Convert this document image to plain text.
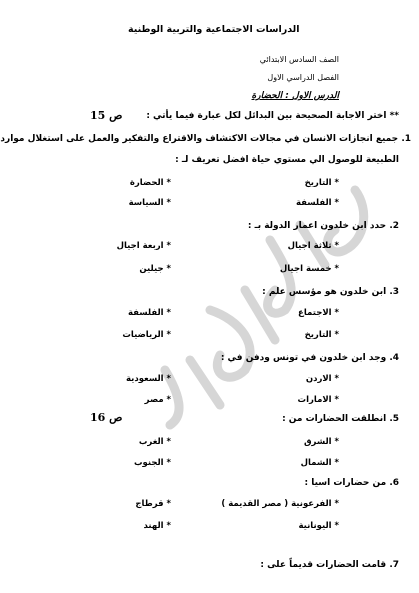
الدراسات الاجتماعية والتربية الوطنية
الصف السادس الابتدائي
الفصل الدراسي الاول
الدرس الاول : الحضارة
** اختر الاجابة الصحيحة بين البدائل لكل عبارة فيما يأتي :
ص 15
1. جميع انجازات الانسان في مجالات الاكتشاف والاقتراع والتفكير والعمل على استغلال موارد
الطبيعة للوصول الي مستوي حياة افضل تعريف لـ :
* التاريخ
* الحضارة
* الفلسفة
* السياسة
2. حدد ابن خلدون اعمار الدولة بـ :
* ثلاثة اجيال
* اربعة اجيال
* خمسة اجيال
* جيلين
3. ابن خلدون هو مؤسس علم :
* الاجتماع
* الفلسفة
* التاريخ
* الرياضيات
4. وجد ابن خلدون في تونس ودفن في :
* الاردن
* السعودية
* الامارات
* مصر
5. انطلقت الحضارات من :
ص 16
* الشرق
* الغرب
* الشمال
* الجنوب
6. من حضارات اسيا :
* الفرعونية ( مصر القديمة )
* قرطاج
* اليونانية
* الهند
7. قامت الحضارات قديماً على :
